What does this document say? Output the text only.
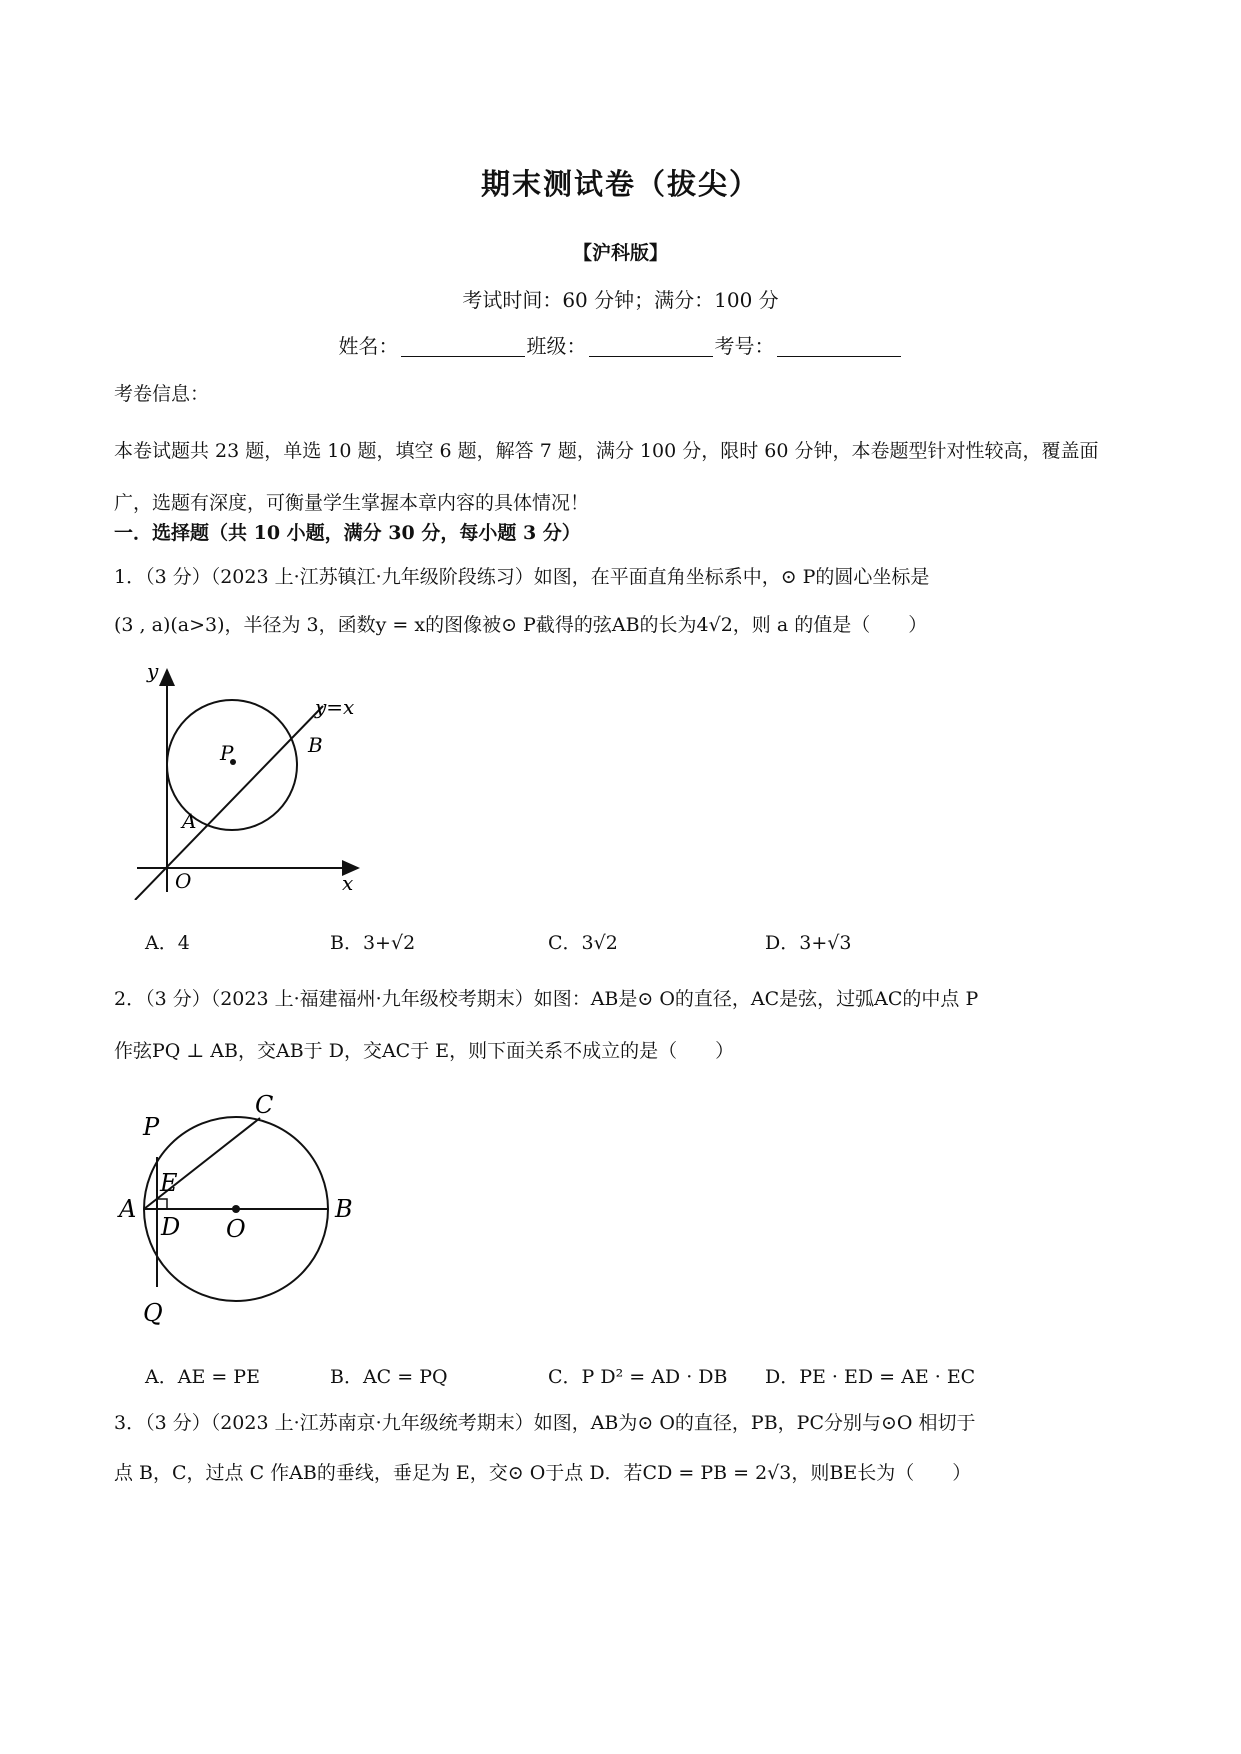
期末测试卷（拔尖）
【沪科版】
考试时间：60 分钟；满分：100 分
姓名：	班级：	考号：
考卷信息：
本卷试题共 23 题，单选 10 题，填空 6 题，解答 7 题，满分 100 分，限时 60 分钟，本卷题型针对性较高，覆盖面广，选题有深度，可衡量学生掌握本章内容的具体情况！
一．选择题（共 10 小题，满分 30 分，每小题 3 分）
1．（3 分）（2023 上·江苏镇江·九年级阶段练习）如图，在平面直角坐标系中，⊙ P的圆心坐标是
(3 , a)(a>3)，半径为 3，函数y = x的图像被⊙ P截得的弦AB的长为4√2，则 a 的值是（　　）
y
x
O
P
A
B
y=x
A．4	B．3+√2	C．3√2	D．3+√3
2．（3 分）（2023 上·福建福州·九年级校考期末）如图：AB是⊙ O的直径，AC是弦，过弧AC的中点 P
作弦PQ ⊥ AB，交AB于 D，交AC于 E，则下面关系不成立的是（　　）
A	B
C
D
E
O
P
Q
A．AE = PE	B．AC = PQ	C．P D² = AD · DB D．PE · ED = AE · EC
3．（3 分）（2023 上·江苏南京·九年级统考期末）如图，AB为⊙ O的直径，PB，PC分别与⊙O 相切于
点 B，C，过点 C 作AB的垂线，垂足为 E，交⊙ O于点 D．若CD = PB = 2√3，则BE长为（　　）
